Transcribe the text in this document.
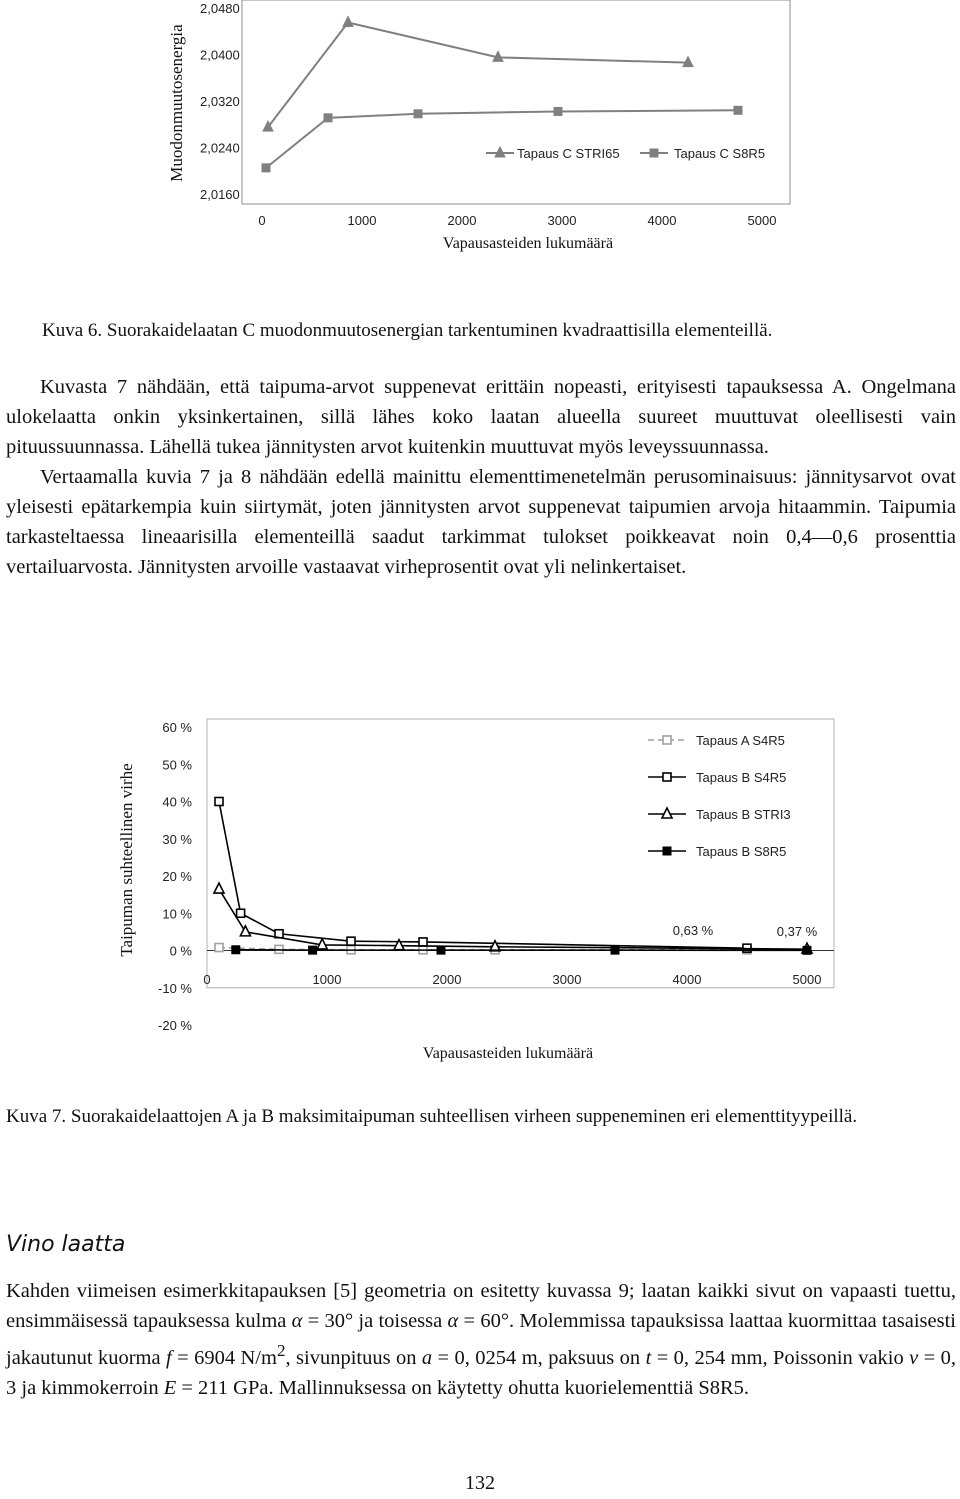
2,0480
2,0400
2,0320
2,0240
2,0160
0	1000	2000	3000	4000	5000
Vapausasteiden lukumäärä
Muodonmuutosenergia	Tapaus C STRI65	Tapaus C S8R5
Kuva 6. Suorakaidelaatan C muodonmuutosenergian tarkentuminen kvadraattisilla elementeillä.

Kuvasta 7 nähdään, että taipuma-arvot suppenevat erittäin nopeasti, erityisesti tapauksessa A. Ongelmana ulokelaatta onkin yksinkertainen, sillä lähes koko laatan alueella suureet muuttuvat oleellisesti vain pituussuunnassa. Lähellä tukea jännitysten arvot kuitenkin muuttuvat myös leveyssuunnassa.

Vertaamalla kuvia 7 ja 8 nähdään edellä mainittu elementtimenetelmän perusominaisuus: jännitysarvot ovat yleisesti epätarkempia kuin siirtymät, joten jännitysten arvot suppenevat taipumien arvoja hitaammin. Taipumia tarkasteltaessa lineaarisilla elementeillä saadut tarkimmat tulokset poikkeavat noin 0,4—0,6 prosenttia vertailuarvosta. Jännitysten arvoille vastaavat virheprosentit ovat yli nelinkertaiset.

60 %
50 %
40 %
30 %
20 %
10 %
0 %
-10 %
-20 %
0	1000	2000	3000	4000	5000
Vapausasteiden lukumäärä
Taipuman suhteellinen virhe	0,63 %	0,37 %
Tapaus A S4R5
Tapaus B S4R5
Tapaus B STRI3
Tapaus B S8R5
Kuva 7. Suorakaidelaattojen A ja B maksimitaipuman suhteellisen virheen suppeneminen eri elementtityypeillä.
Vino laatta
Kahden viimeisen esimerkkitapauksen [5] geometria on esitetty kuvassa 9; laatan kaikki sivut on vapaasti tuettu, ensimmäisessä tapauksessa kulma α = 30° ja toisessa α = 60°. Molemmissa tapauksissa laattaa kuormittaa tasaisesti jakautunut kuorma f = 6904 $N/m^2$, sivunpituus on a = 0, 0254 m, paksuus on t = 0, 254 mm, Poissonin vakio ν = 0, 3 ja kimmokerroin E = 211 GPa. Mallinnuksessa on käytetty ohutta kuorielementtiä S8R5.
132
